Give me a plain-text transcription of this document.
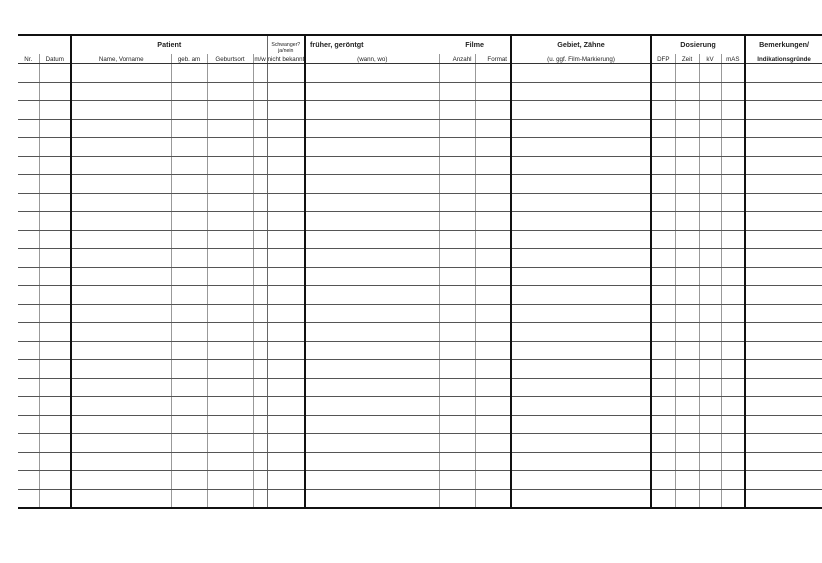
		Patient				Schwanger?
ja/nein	früher, geröntgt	Filme		Gebiet, Zähne	Dosierung				Bemerkungen/
Nr.	Datum	Name, Vorname	geb. am	Geburtsort	m/w	nicht bekannt	(wann, wo)	Anzahl	Format	(u. ggf. Film-Markierung)	DFP	Zeit	kV	mAS	Indikationsgründe
